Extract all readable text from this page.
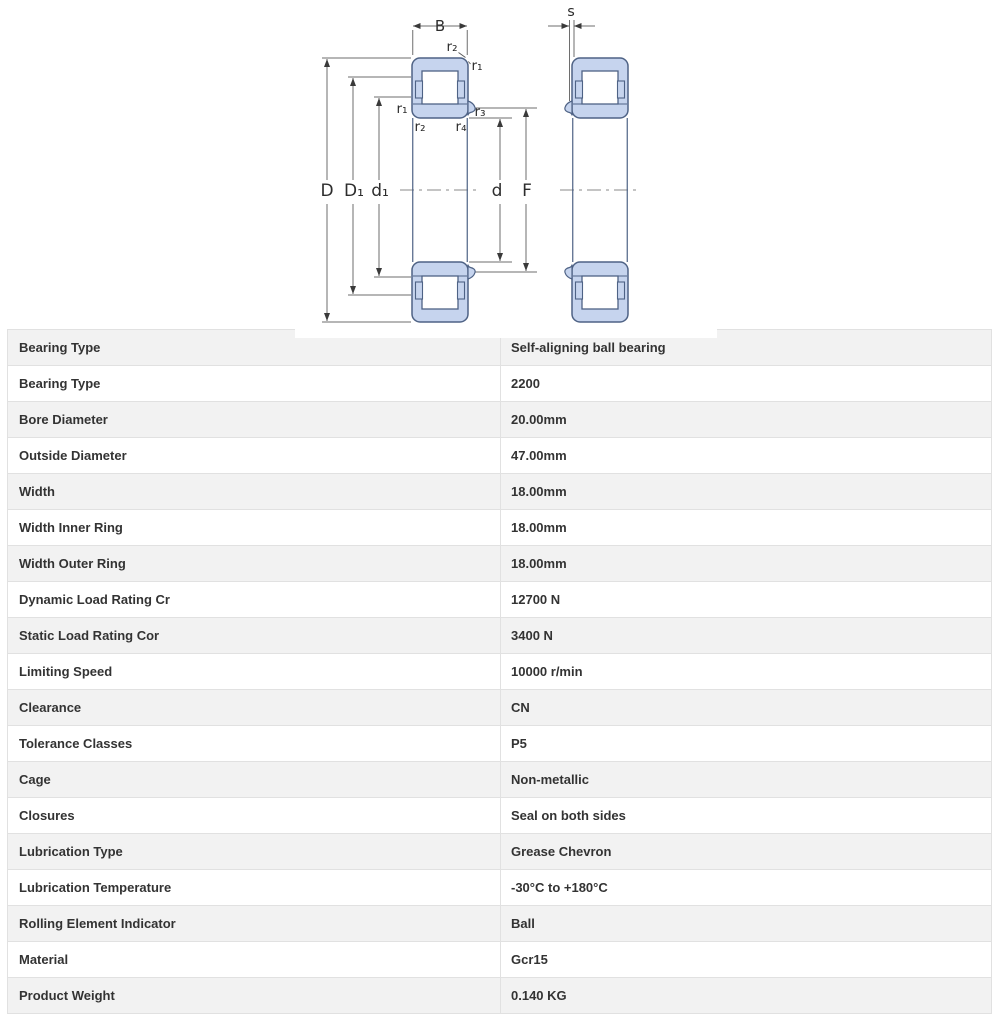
B
s
r₂
r₁
r₁
r₂
r₃
r₄
D D₁ d₁	d F
Bearing Type	Self-aligning ball bearing
Bearing Type	2200
Bore Diameter	20.00mm
Outside Diameter	47.00mm
Width	18.00mm
Width Inner Ring	18.00mm
Width Outer Ring	18.00mm
Dynamic Load Rating Cr	12700 N
Static Load Rating Cor	3400 N
Limiting Speed	10000 r/min
Clearance	CN
Tolerance Classes	P5
Cage	Non-metallic
Closures	Seal on both sides
Lubrication Type	Grease Chevron
Lubrication Temperature	-30°C to +180°C
Rolling Element Indicator	Ball
Material	Gcr15
Product Weight	0.140 KG
